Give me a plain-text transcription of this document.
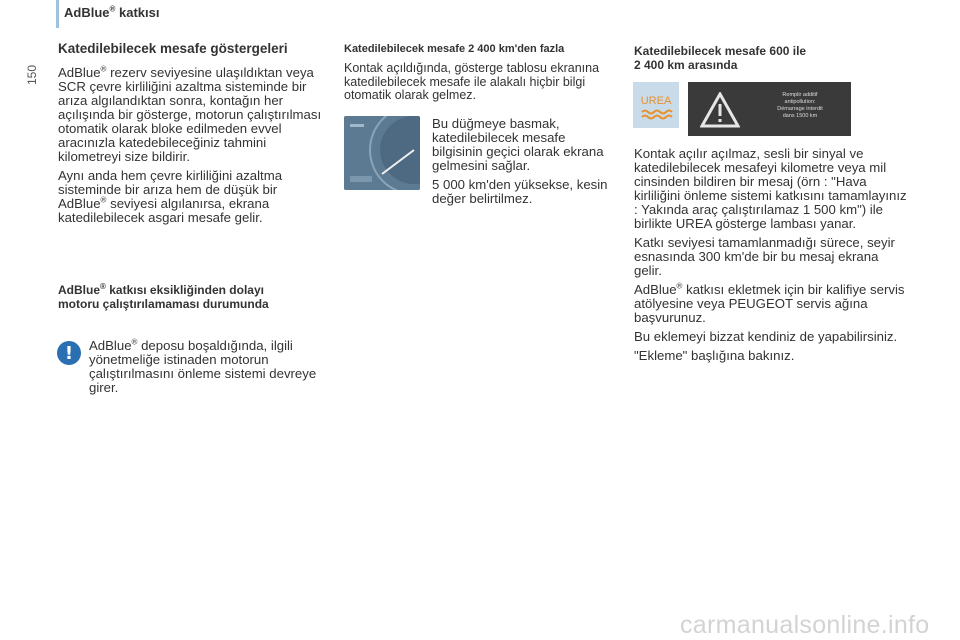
AdBlue® katkısı
150
Katedilebilecek mesafe göstergeleri

AdBlue® rezerv seviyesine ulaşıldıktan veya SCR çevre kirliliğini azaltma sisteminde bir arıza algılandıktan sonra, kontağın her açılışında bir gösterge, motorun çalıştırılması otomatik olarak bloke edilmeden evvel aracınızla katedebileceğiniz tahmini kilometreyi size bildirir.

Aynı anda hem çevre kirliliğini azaltma sisteminde bir arıza hem de düşük bir AdBlue® seviyesi algılanırsa, ekrana katedilebilecek asgari mesafe gelir.

AdBlue® katkısı eksikliğinden dolayı motoru çalıştırılamaması durumunda
! AdBlue® deposu boşaldığında, ilgili yönetmeliğe istinaden motorun çalıştırılmasını önleme sistemi devreye girer.
Katedilebilecek mesafe 2 400 km'den fazla

Kontak açıldığında, gösterge tablosu ekranına katedilebilecek mesafe ile alakalı hiçbir bilgi otomatik olarak gelmez.

Bu düğmeye basmak, katedilebilecek mesafe bilgisinin geçici olarak ekrana gelmesini sağlar.

5 000 km'den yüksekse, kesin değer belirtilmez.

Katedilebilecek mesafe 600 ile
2 400 km arasında
UREA	Remplir additif
antipollution:
Démarrage interdit
dans 1500 km

Kontak açılır açılmaz, sesli bir sinyal ve katedilebilecek mesafeyi kilometre veya mil cinsinden bildiren bir mesaj (örn : "Hava kirliliğini önleme sistemi katkısını tamamlayınız : Yakında araç çalıştırılamaz 1 500 km") ile birlikte UREA gösterge lambası yanar.

Katkı seviyesi tamamlanmadığı sürece, seyir esnasında 300 km'de bir bu mesaj ekrana gelir.

AdBlue® katkısı ekletmek için bir kalifiye servis atölyesine veya PEUGEOT servis ağına başvurunuz.

Bu eklemeyi bizzat kendiniz de yapabilirsiniz.

"Ekleme" başlığına bakınız.

carmanualsonline.info
